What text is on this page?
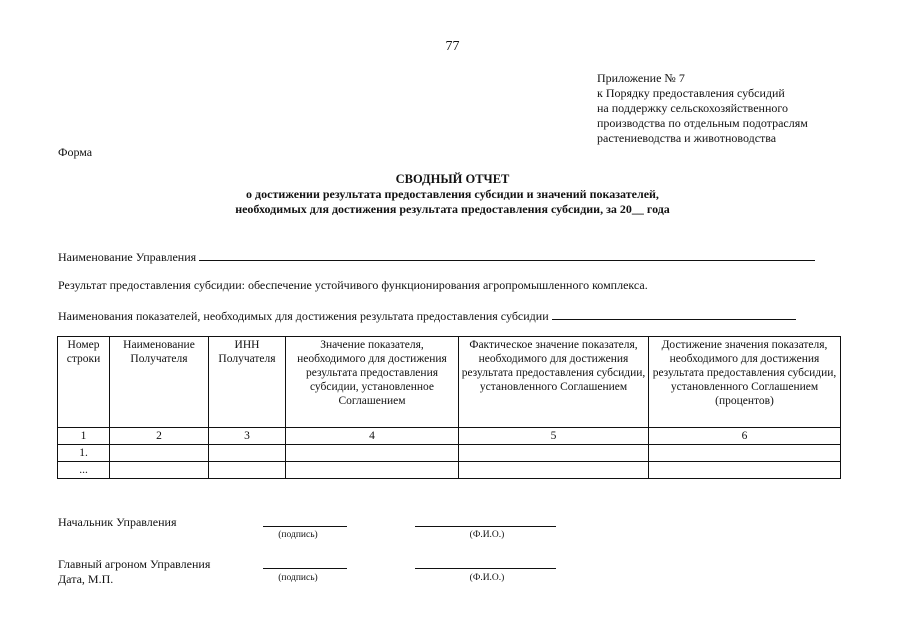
77
Приложение № 7
к Порядку предоставления субсидий
на поддержку сельскохозяйственного
производства по отдельным подотраслям
растениеводства и животноводства
Форма
СВОДНЫЙ ОТЧЕТ
о достижении результата предоставления субсидии и значений показателей,
необходимых для достижения результата предоставления субсидии, за 20__ года
Наименование Управления
Результат предоставления субсидии: обеспечение устойчивого функционирования агропромышленного комплекса.
Наименования показателей, необходимых для достижения результата предоставления субсидии
Номер строки	Наименование Получателя	ИНН Получателя	Значение показателя, необходимого для достижения результата предоставления субсидии, установленное Соглашением	Фактическое значение показателя, необходимого для достижения результата предоставления субсидии, установленного Соглашением	Достижение значения показателя, необходимого для достижения результата предоставления субсидии, установленного Соглашением (процентов)
1	2	3	4	5	6
1.					
...					
Начальник Управления
(подпись)	(Ф.И.О.)
Главный агроном Управления
Дата, М.П.	(подпись)	(Ф.И.О.)
